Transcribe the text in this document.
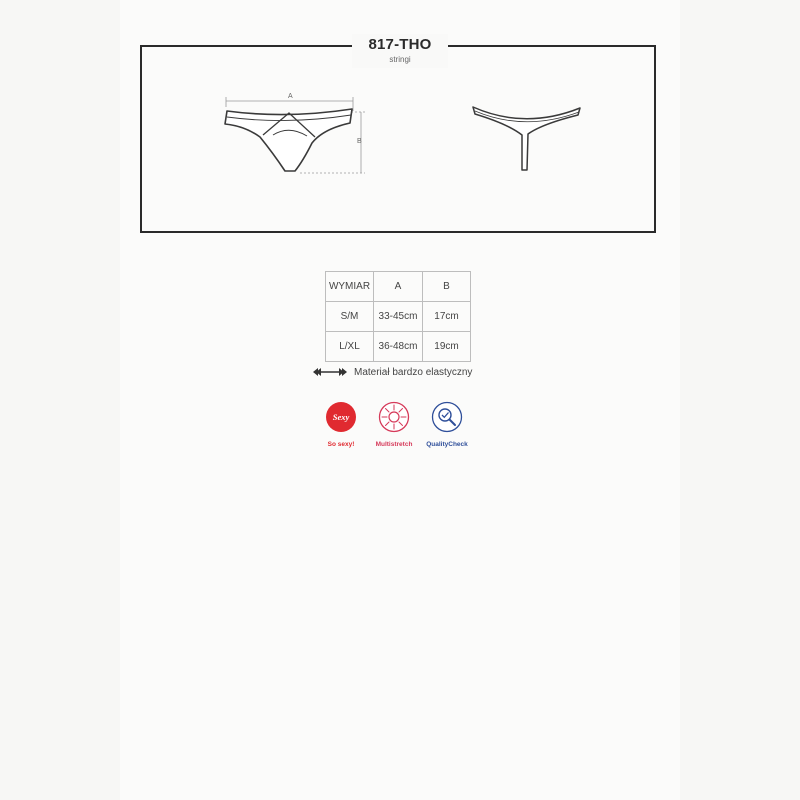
817-THO
stringi
A
B
WYMIAR	A	B
S/M	33-45cm	17cm
L/XL	36-48cm	19cm
Materiał bardzo elastyczny
Sexy
So sexy!	Multistretch	QualityCheck
